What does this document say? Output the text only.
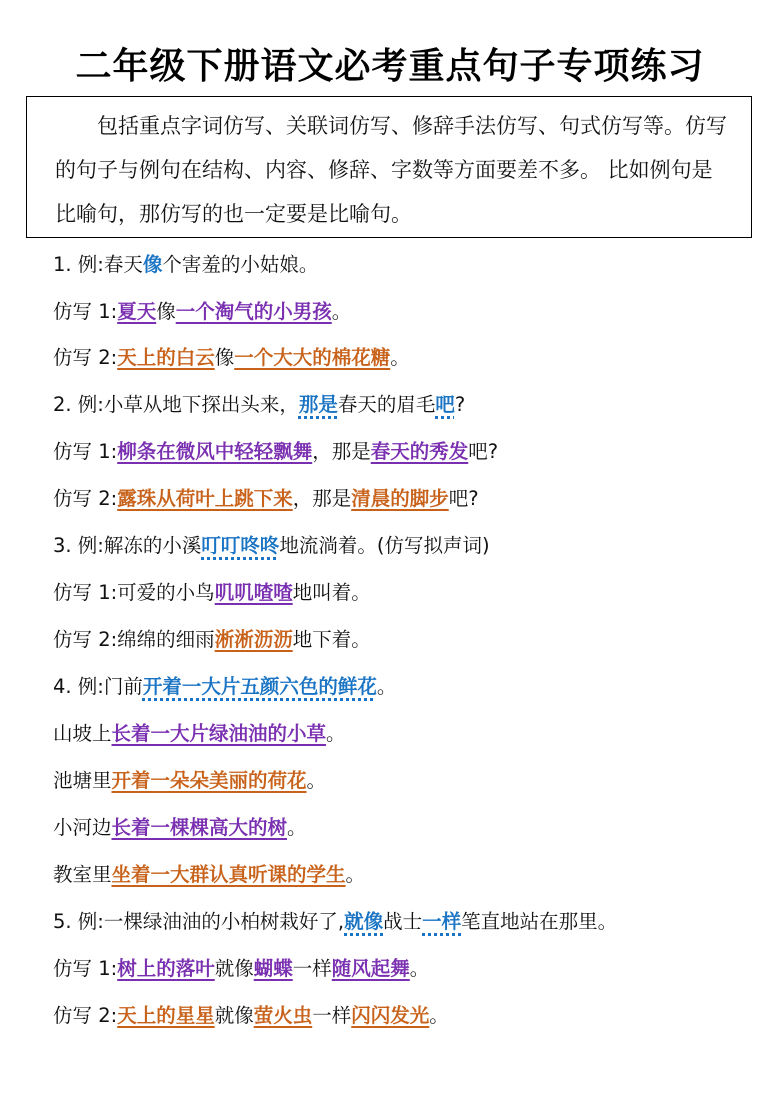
二年级下册语文必考重点句子专项练习

包括重点字词仿写、关联词仿写、修辞手法仿写、句式仿写等。仿写的句子与例句在结构、内容、修辞、字数等方面要差不多。 比如例句是比喻句，那仿写的也一定要是比喻句。

1. 例:春天像个害羞的小姑娘。
仿写 1:夏天像一个淘气的小男孩。
仿写 2:天上的白云像一个大大的棉花糖。
2. 例:小草从地下探出头来，那是春天的眉毛吧?
仿写 1:柳条在微风中轻轻飘舞，那是春天的秀发吧?
仿写 2:露珠从荷叶上跳下来，那是清晨的脚步吧?
3. 例:解冻的小溪叮叮咚咚地流淌着。(仿写拟声词)
仿写 1:可爱的小鸟叽叽喳喳地叫着。
仿写 2:绵绵的细雨淅淅沥沥地下着。
4. 例:门前开着一大片五颜六色的鲜花。
山坡上长着一大片绿油油的小草。
池塘里开着一朵朵美丽的荷花。
小河边长着一棵棵高大的树。
教室里坐着一大群认真听课的学生。
5. 例:一棵绿油油的小柏树栽好了,就像战士一样笔直地站在那里。
仿写 1:树上的落叶就像蝴蝶一样随风起舞。
仿写 2:天上的星星就像萤火虫一样闪闪发光。
